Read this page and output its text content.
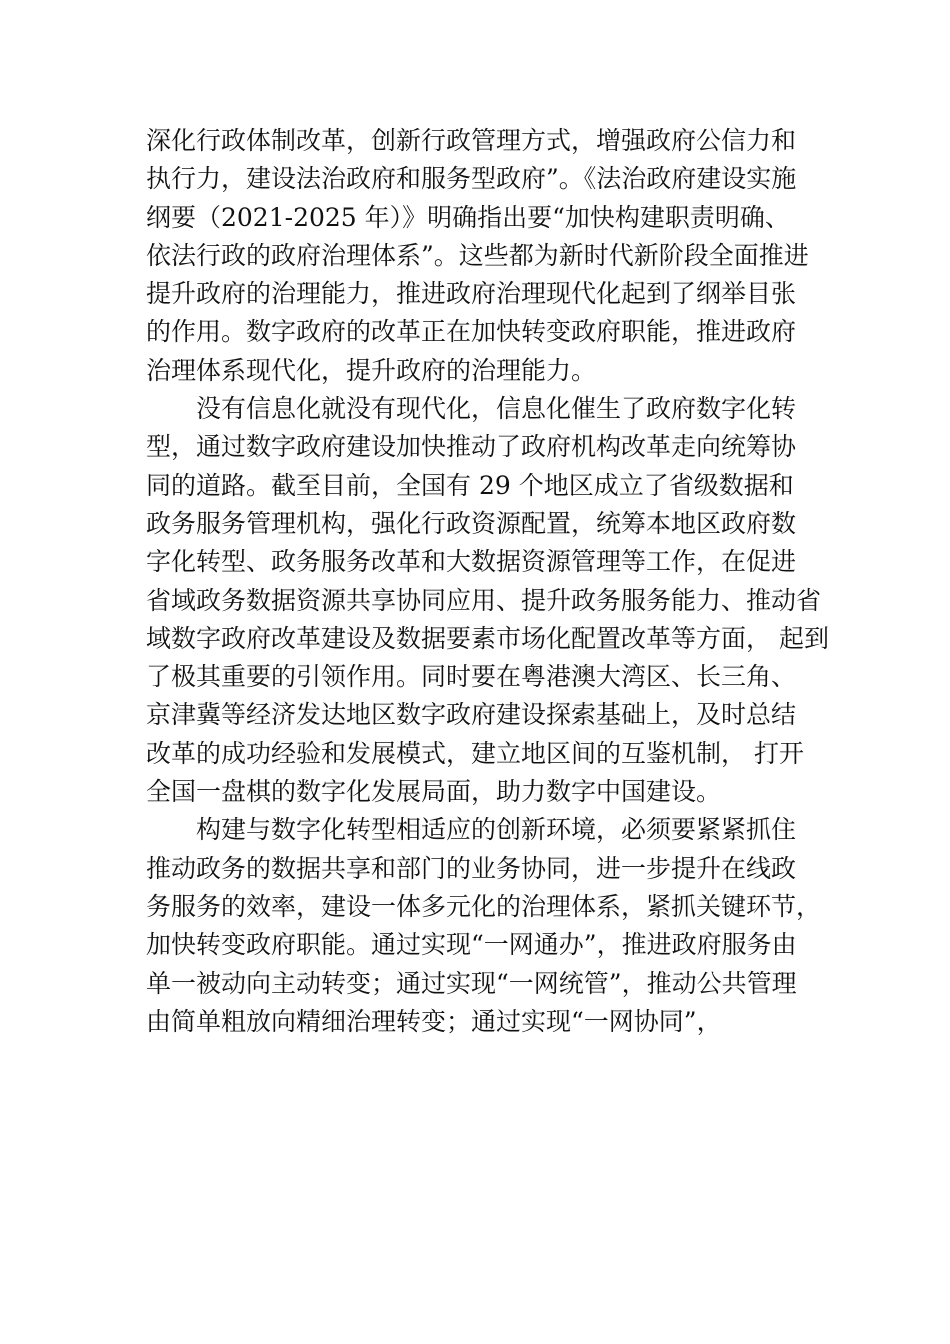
深化行政体制改革，创新行政管理方式，增强政府公信力和
执行力，建设法治政府和服务型政府”。《法治政府建设实施
纲要（2021-2025 年）》明确指出要“加快构建职责明确、
依法行政的政府治理体系”。这些都为新时代新阶段全面推进
提升政府的治理能力，推进政府治理现代化起到了纲举目张
的作用。数字政府的改革正在加快转变政府职能，推进政府
治理体系现代化，提升政府的治理能力。
没有信息化就没有现代化，信息化催生了政府数字化转
型，通过数字政府建设加快推动了政府机构改革走向统筹协
同的道路。截至目前，全国有 29 个地区成立了省级数据和
政务服务管理机构，强化行政资源配置，统筹本地区政府数
字化转型、政务服务改革和大数据资源管理等工作，在促进
省域政务数据资源共享协同应用、提升政务服务能力、推动省
域数字政府改革建设及数据要素市场化配置改革等方面， 起到
了极其重要的引领作用。同时要在粤港澳大湾区、长三角、
京津冀等经济发达地区数字政府建设探索基础上，及时总结
改革的成功经验和发展模式，建立地区间的互鉴机制， 打开
全国一盘棋的数字化发展局面，助力数字中国建设。
构建与数字化转型相适应的创新环境，必须要紧紧抓住
推动政务的数据共享和部门的业务协同，进一步提升在线政
务服务的效率，建设一体多元化的治理体系，紧抓关键环节，
加快转变政府职能。通过实现“一网通办”，推进政府服务由
单一被动向主动转变；通过实现“一网统管”，推动公共管理
由简单粗放向精细治理转变；通过实现“一网协同”，
